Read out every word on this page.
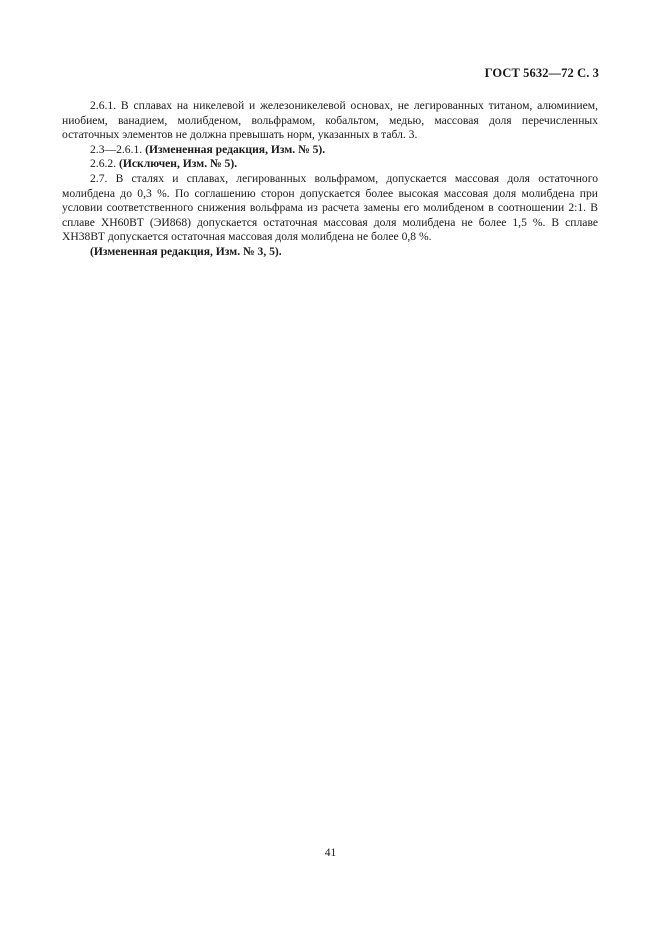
ГОСТ 5632—72 С. 3

2.6.1. В сплавах на никелевой и железоникелевой основах, не легированных титаном, алюминием, ниобием, ванадием, молибденом, вольфрамом, кобальтом, медью, массовая доля перечисленных остаточных элементов не должна превышать норм, указанных в табл. 3.

2.3—2.6.1. (Измененная редакция, Изм. № 5).

2.6.2. (Исключен, Изм. № 5).

2.7. В сталях и сплавах, легированных вольфрамом, допускается массовая доля остаточного молибдена до 0,3 %. По соглашению сторон допускается более высокая массовая доля молибдена при условии соответственного снижения вольфрама из расчета замены его молибденом в соотношении 2:1. В сплаве ХН60ВТ (ЭИ868) допускается остаточная массовая доля молибдена не более 1,5 %. В сплаве ХН38ВТ допускается остаточная массовая доля молибдена не более 0,8 %.

(Измененная редакция, Изм. № 3, 5).

41
